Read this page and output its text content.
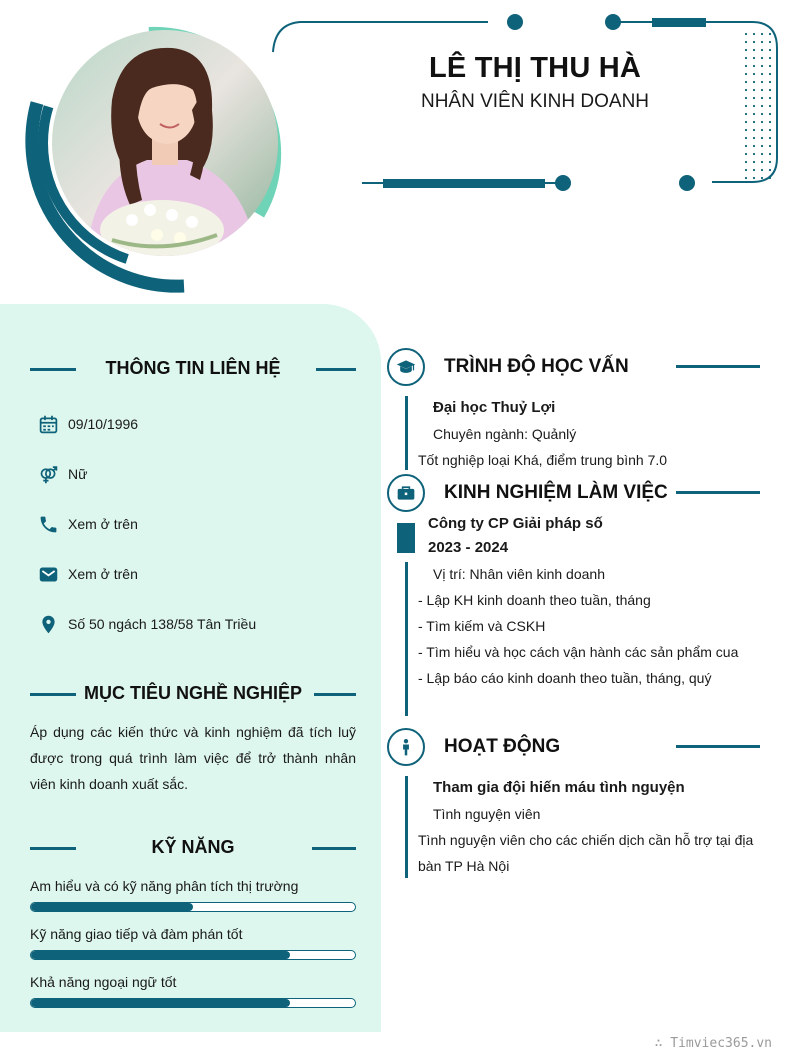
LÊ THỊ THU HÀ
NHÂN VIÊN KINH DOANH
THÔNG TIN LIÊN HỆ
09/10/1996
Nữ
Xem ở trên
Xem ở trên
Số 50 ngách 138/58 Tân Triều
MỤC TIÊU NGHỀ NGHIỆP
Áp dụng các kiến thức và kinh nghiệm đã tích luỹ được trong quá trình làm việc để trở thành nhân viên kinh doanh xuất sắc.
KỸ NĂNG
Am hiểu và có kỹ năng phân tích thị trường
Kỹ năng giao tiếp và đàm phán tốt
Khả năng ngoại ngữ tốt
TRÌNH ĐỘ HỌC VẤN
Đại học Thuỷ Lợi
Chuyên ngành: Quảnlý
Tốt nghiệp loại Khá, điểm trung bình 7.0
KINH NGHIỆM LÀM VIỆC
Công ty CP Giải pháp số
2023 - 2024
Vị trí: Nhân viên kinh doanh
- Lập KH kinh doanh theo tuần, tháng
- Tìm kiếm và CSKH
- Tìm hiểu và học cách vận hành các sản phẩm cua
- Lập báo cáo kinh doanh theo tuần, tháng, quý
HOẠT ĐỘNG
Tham gia đội hiến máu tình nguyện
Tình nguyện viên
Tình nguyện viên cho các chiến dịch cần hỗ trợ tại địa
bàn TP Hà Nội
∴ Timviec365.vn
